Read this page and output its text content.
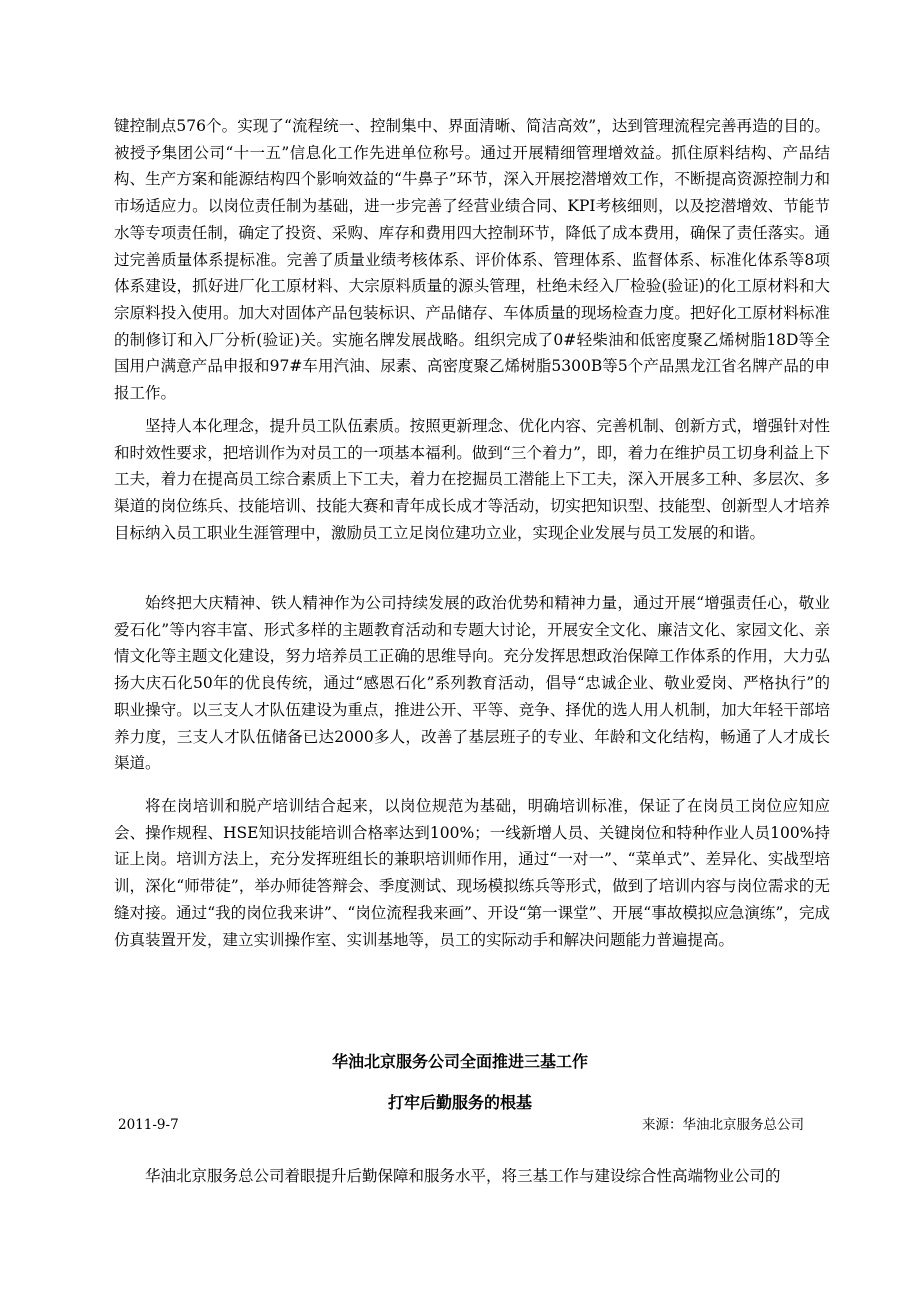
键控制点576个。实现了“流程统一、控制集中、界面清晰、简洁高效”，达到管理流程完善再造的目的。被授予集团公司“十一五”信息化工作先进单位称号。通过开展精细管理增效益。抓住原料结构、产品结构、生产方案和能源结构四个影响效益的“牛鼻子”环节，深入开展挖潜增效工作，不断提高资源控制力和市场适应力。以岗位责任制为基础，进一步完善了经营业绩合同、KPI考核细则，以及挖潜增效、节能节水等专项责任制，确定了投资、采购、库存和费用四大控制环节，降低了成本费用，确保了责任落实。通过完善质量体系提标准。完善了质量业绩考核体系、评价体系、管理体系、监督体系、标准化体系等8项体系建设，抓好进厂化工原材料、大宗原料质量的源头管理，杜绝未经入厂检验(验证)的化工原材料和大宗原料投入使用。加大对固体产品包装标识、产品储存、车体质量的现场检查力度。把好化工原材料标准的制修订和入厂分析(验证)关。实施名牌发展战略。组织完成了0#轻柴油和低密度聚乙烯树脂18D等全国用户满意产品申报和97#车用汽油、尿素、高密度聚乙烯树脂5300B等5个产品黑龙江省名牌产品的申报工作。

坚持人本化理念，提升员工队伍素质。按照更新理念、优化内容、完善机制、创新方式，增强针对性和时效性要求，把培训作为对员工的一项基本福利。做到“三个着力”，即，着力在维护员工切身利益上下工夫，着力在提高员工综合素质上下工夫，着力在挖掘员工潜能上下工夫，深入开展多工种、多层次、多渠道的岗位练兵、技能培训、技能大赛和青年成长成才等活动，切实把知识型、技能型、创新型人才培养目标纳入员工职业生涯管理中，激励员工立足岗位建功立业，实现企业发展与员工发展的和谐。

始终把大庆精神、铁人精神作为公司持续发展的政治优势和精神力量，通过开展“增强责任心，敬业爱石化”等内容丰富、形式多样的主题教育活动和专题大讨论，开展安全文化、廉洁文化、家园文化、亲情文化等主题文化建设，努力培养员工正确的思维导向。充分发挥思想政治保障工作体系的作用，大力弘扬大庆石化50年的优良传统，通过“感恩石化”系列教育活动，倡导“忠诚企业、敬业爱岗、严格执行”的职业操守。以三支人才队伍建设为重点，推进公开、平等、竞争、择优的选人用人机制，加大年轻干部培养力度，三支人才队伍储备已达2000多人，改善了基层班子的专业、年龄和文化结构，畅通了人才成长渠道。

将在岗培训和脱产培训结合起来，以岗位规范为基础，明确培训标准，保证了在岗员工岗位应知应会、操作规程、HSE知识技能培训合格率达到100%；一线新增人员、关键岗位和特种作业人员100%持证上岗。培训方法上，充分发挥班组长的兼职培训师作用，通过“一对一”、“菜单式”、差异化、实战型培训，深化“师带徒”，举办师徒答辩会、季度测试、现场模拟练兵等形式，做到了培训内容与岗位需求的无缝对接。通过“我的岗位我来讲”、“岗位流程我来画”、开设“第一课堂”、开展“事故模拟应急演练”，完成仿真装置开发，建立实训操作室、实训基地等，员工的实际动手和解决问题能力普遍提高。

华油北京服务公司全面推进三基工作
打牢后勤服务的根基
2011-9-7	来源：华油北京服务总公司

华油北京服务总公司着眼提升后勤保障和服务水平，将三基工作与建设综合性高端物业公司的
